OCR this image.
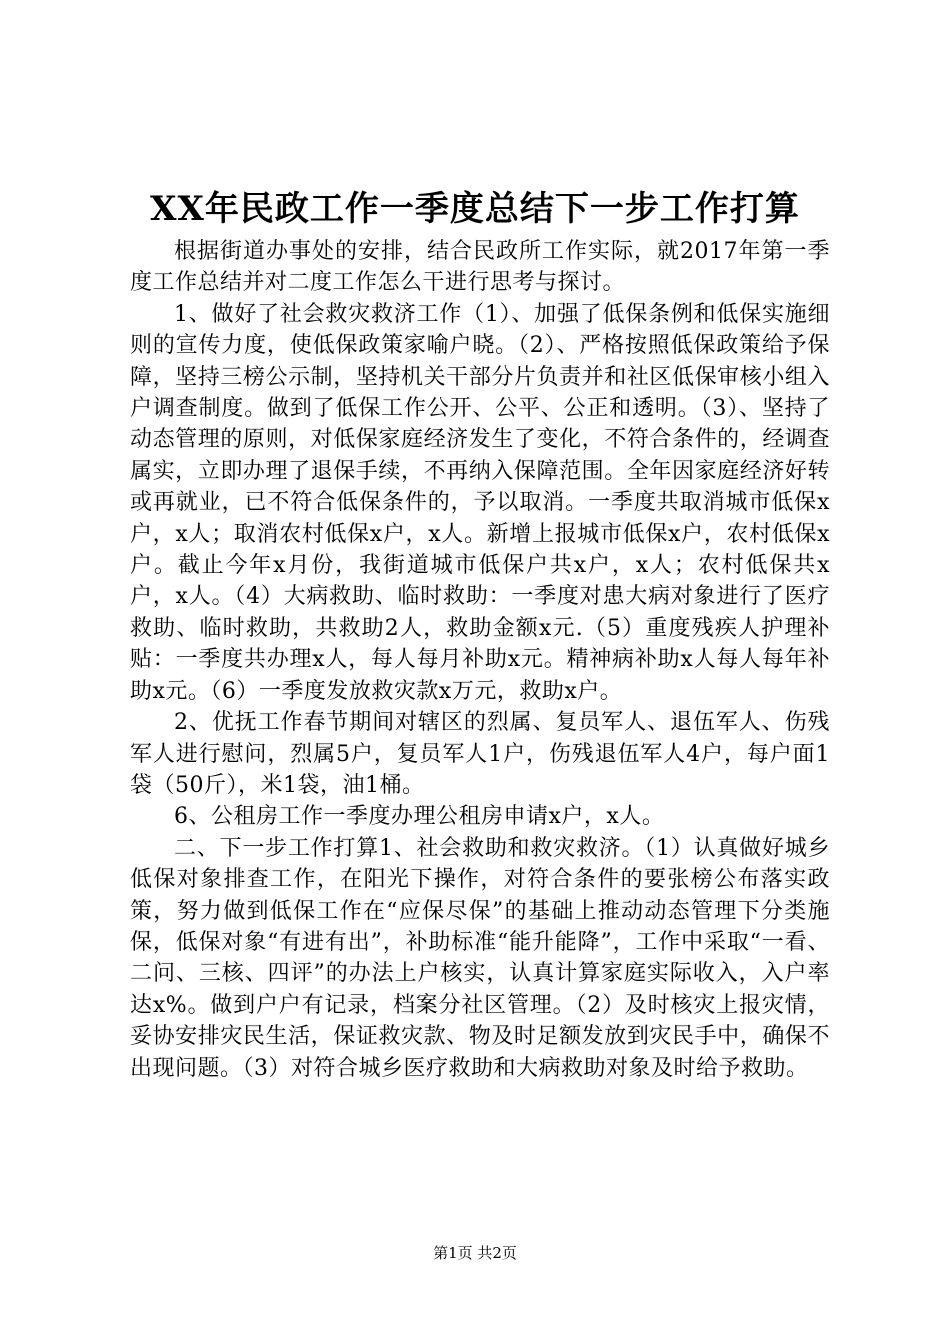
XX年民政工作一季度总结下一步工作打算

根据街道办事处的安排，结合民政所工作实际，就2017年第一季度工作总结并对二度工作怎么干进行思考与探讨。

1、做好了社会救灾救济工作（1）、加强了低保条例和低保实施细则的宣传力度，使低保政策家喻户晓。（2）、严格按照低保政策给予保障，坚持三榜公示制，坚持机关干部分片负责并和社区低保审核小组入户调查制度。做到了低保工作公开、公平、公正和透明。（3）、坚持了动态管理的原则，对低保家庭经济发生了变化，不符合条件的，经调查属实，立即办理了退保手续，不再纳入保障范围。全年因家庭经济好转或再就业，已不符合低保条件的，予以取消。一季度共取消城市低保x户，x人；取消农村低保x户，x人。新增上报城市低保x户，农村低保x户。截止今年x月份，我街道城市低保户共x户，x人；农村低保共x户，x人。（4）大病救助、临时救助：一季度对患大病对象进行了医疗救助、临时救助，共救助2人，救助金额x元.（5）重度残疾人护理补贴：一季度共办理x人，每人每月补助x元。精神病补助x人每人每年补助x元。（6）一季度发放救灾款x万元，救助x户。

2、优抚工作春节期间对辖区的烈属、复员军人、退伍军人、伤残军人进行慰问，烈属5户，复员军人1户，伤残退伍军人4户，每户面1袋（50斤），米1袋，油1桶。

6、公租房工作一季度办理公租房申请x户，x人。

二、下一步工作打算1、社会救助和救灾救济。（1）认真做好城乡低保对象排查工作，在阳光下操作，对符合条件的要张榜公布落实政策，努力做到低保工作在“应保尽保”的基础上推动动态管理下分类施保，低保对象“有进有出”，补助标准“能升能降”，工作中采取“一看、二问、三核、四评”的办法上户核实，认真计算家庭实际收入，入户率达x%。做到户户有记录，档案分社区管理。（2）及时核灾上报灾情，妥协安排灾民生活，保证救灾款、物及时足额发放到灾民手中，确保不出现问题。（3）对符合城乡医疗救助和大病救助对象及时给予救助。

第1页 共2页
